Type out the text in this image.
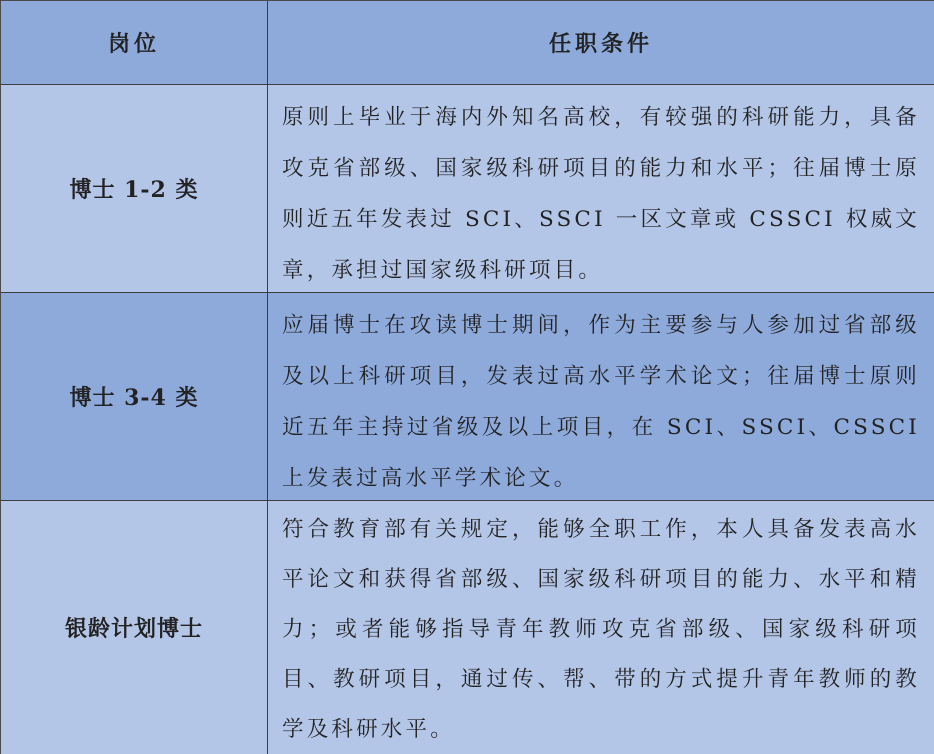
岗位	任职条件
博士 1-2 类
原则上毕业于海内外知名高校，有较强的科研能力，具备攻克省部级、国家级科研项目的能力和水平；往届博士原则近五年发表过 SCI、SSCI 一区文章或 CSSCI 权威文章，承担过国家级科研项目。
博士 3-4 类
应届博士在攻读博士期间，作为主要参与人参加过省部级及以上科研项目，发表过高水平学术论文；往届博士原则近五年主持过省级及以上项目，在 SCI、SSCI、CSSCI 上发表过高水平学术论文。
银龄计划博士
符合教育部有关规定，能够全职工作，本人具备发表高水平论文和获得省部级、国家级科研项目的能力、水平和精力；或者能够指导青年教师攻克省部级、国家级科研项目、教研项目，通过传、帮、带的方式提升青年教师的教学及科研水平。
